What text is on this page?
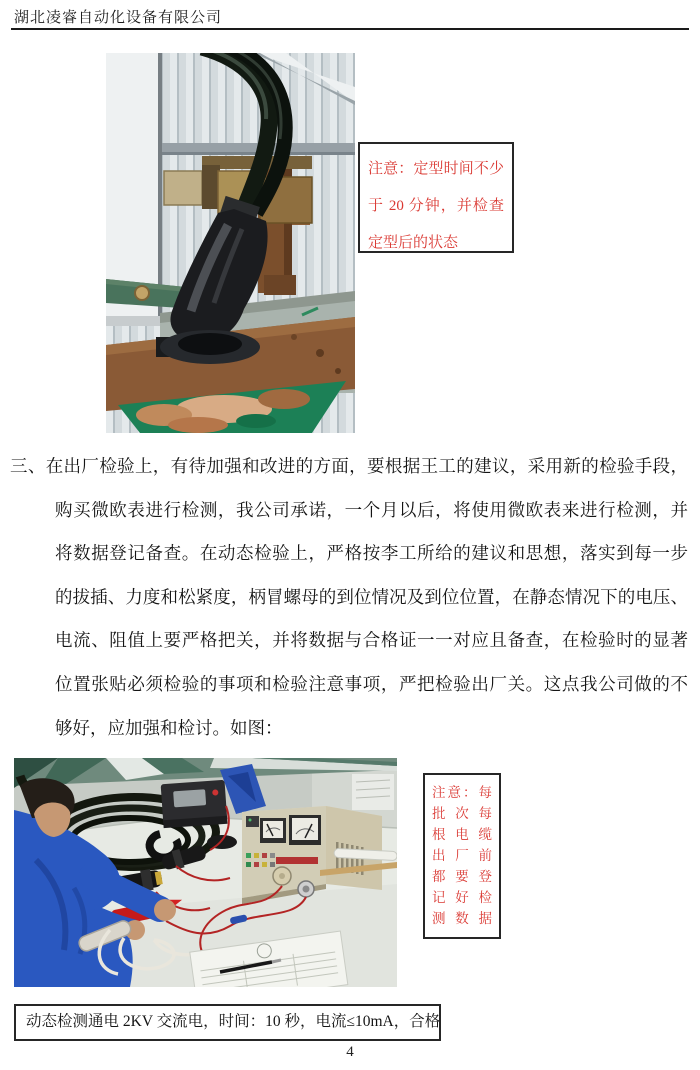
湖北凌睿自动化设备有限公司
注意：定型时间不少
于 20 分钟，并检查
定型后的状态
三、在出厂检验上，有待加强和改进的方面，要根据王工的建议，采用新的检验手段，
购买微欧表进行检测，我公司承诺，一个月以后，将使用微欧表来进行检测，并
将数据登记备查。在动态检验上，严格按李工所给的建议和思想，落实到每一步
的拔插、力度和松紧度，柄冒螺母的到位情况及到位位置，在静态情况下的电压、
电流、阻值上要严格把关，并将数据与合格证一一对应且备查，在检验时的显著
位置张贴必须检验的事项和检验注意事项，严把检验出厂关。这点我公司做的不
够好，应加强和检讨。如图：
注意：每
批次每
根电缆
出厂前
都要登
记好检
测数据
动态检测通电 2KV 交流电，时间：10 秒，电流≤10mA，合格
4
